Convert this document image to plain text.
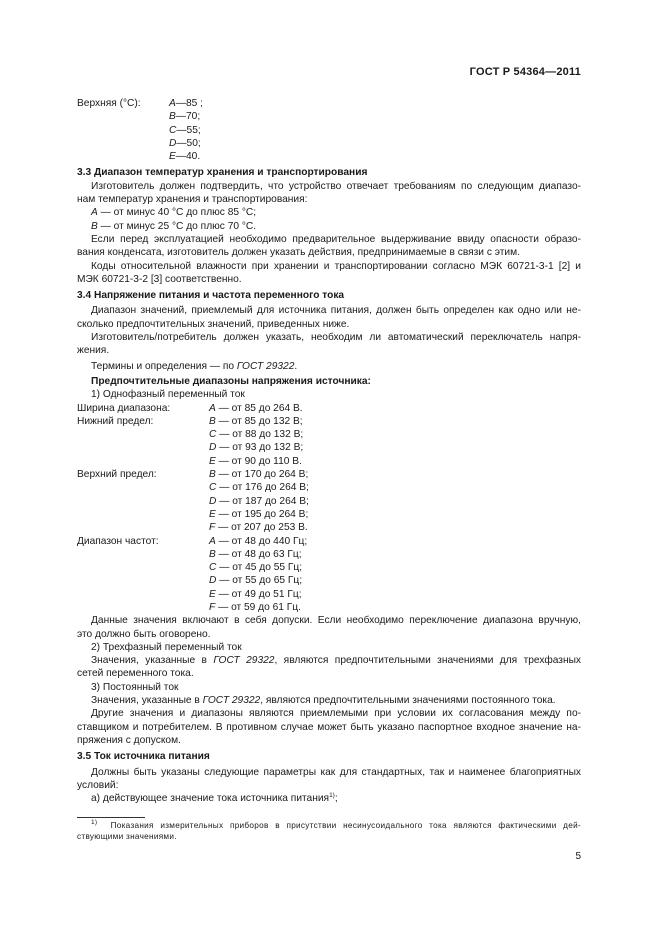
ГОСТ Р 54364—2011
Верхняя (°С):	A—85 ;
B—70;
C—55;
D—50;
E—40.
3.3 Диапазон температур хранения и транспортирования
Изготовитель должен подтвердить, что устройство отвечает требованиям по следующим диапазо-
нам температур хранения и транспортирования:
A — от минус 40 °С до плюс 85 °С;
B — от минус 25 °С до плюс 70 °С.
Если перед эксплуатацией необходимо предварительное выдерживание ввиду опасности образо-
вания конденсата, изготовитель должен указать действия, предпринимаемые в связи с этим.
Коды относительной влажности при хранении и транспортировании согласно МЭК 60721-3-1 [2] и
МЭК 60721-3-2 [3] соответственно.
3.4 Напряжение питания и частота переменного тока
Диапазон значений, приемлемый для источника питания, должен быть определен как одно или не-
сколько предпочтительных значений, приведенных ниже.
Изготовитель/потребитель должен указать, необходим ли автоматический переключатель напря-
жения.
Термины и определения — по ГОСТ 29322.
Предпочтительные диапазоны напряжения источника:
1) Однофазный переменный ток
Ширина диапазона:	A — от 85 до 264 В.
Нижний предел:	B — от 85 до 132 В;
C — от 88 до 132 В;
D — от 93 до 132 В;
E — от 90 до 110 В.
Верхний предел:	B — от 170 до 264 В;
C — от 176 до 264 В;
D — от 187 до 264 В;
E — от 195 до 264 В;
F — от 207 до 253 В.
Диапазон частот:	A — от 48 до 440 Гц;
B — от 48 до 63 Гц;
C — от 45 до 55 Гц;
D — от 55 до 65 Гц;
E — от 49 до 51 Гц;
F — от 59 до 61 Гц.
Данные значения включают в себя допуски. Если необходимо переключение диапазона вручную,
это должно быть оговорено.
2) Трехфазный переменный ток
Значения, указанные в ГОСТ 29322, являются предпочтительными значениями для трехфазных
сетей переменного тока.
3) Постоянный ток
Значения, указанные в ГОСТ 29322, являются предпочтительными значениями постоянного тока.
Другие значения и диапазоны являются приемлемыми при условии их согласования между по-
ставщиком и потребителем. В противном случае может быть указано паспортное входное значение на-
пряжения с допуском.
3.5 Ток источника питания
Должны быть указаны следующие параметры как для стандартных, так и наименее благоприятных
условий:
а) действующее значение тока источника питания$^{1)}$;
$^{1)}$ Показания измерительных приборов в присутствии несинусоидального тока являются фактическими дей-
ствующими значениями.
5
